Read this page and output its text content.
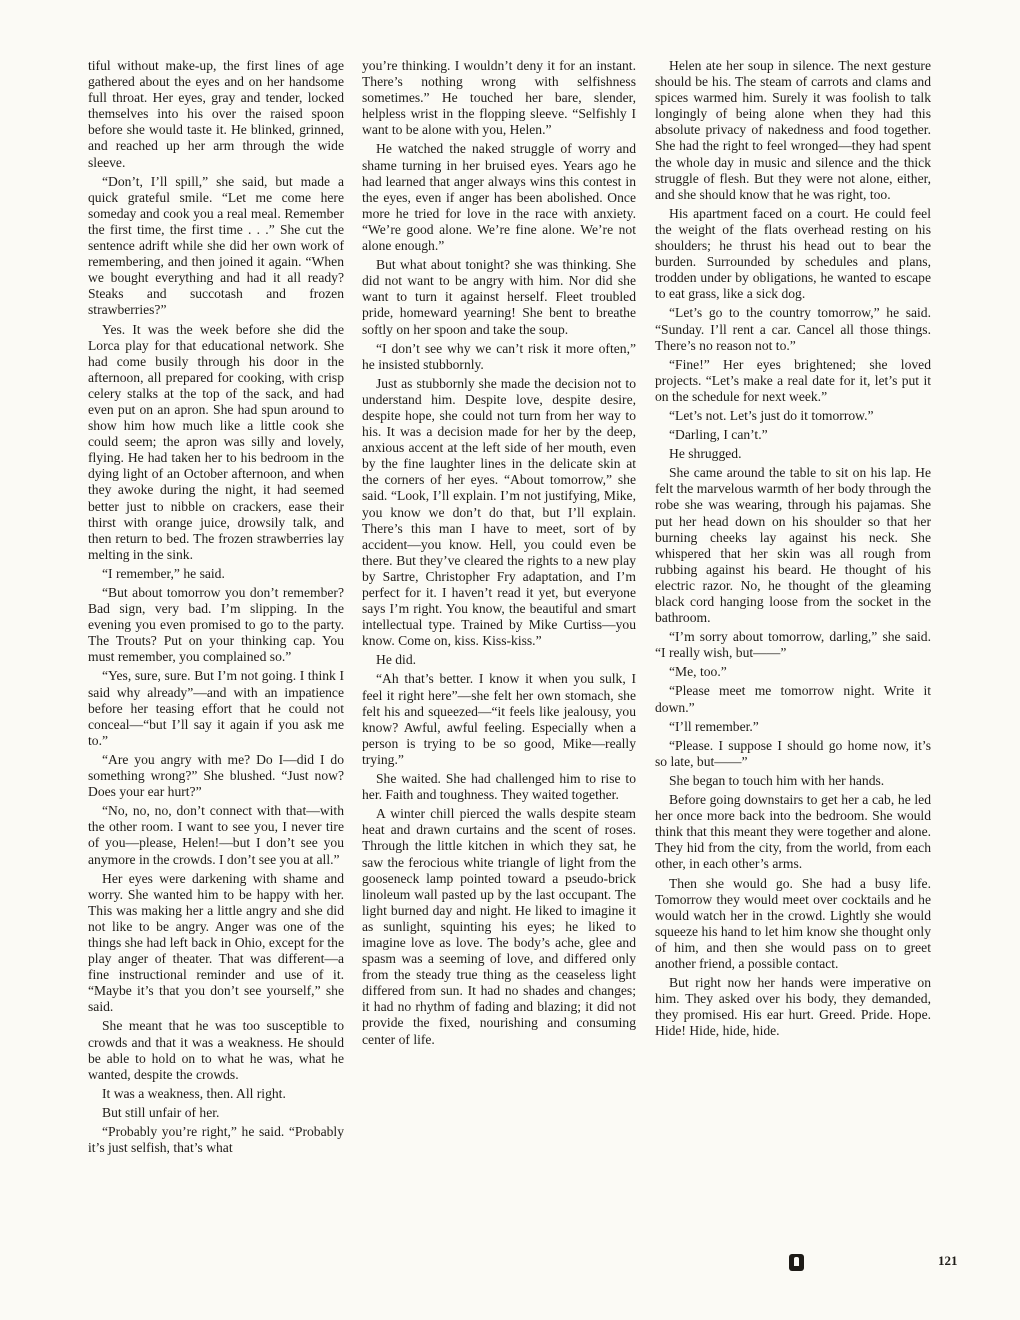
tiful without make-up, the first lines of age gathered about the eyes and on her handsome full throat. Her eyes, gray and tender, locked themselves into his over the raised spoon before she would taste it. He blinked, grinned, and reached up her arm through the wide sleeve.

“Don’t, I’ll spill,” she said, but made a quick grateful smile. “Let me come here someday and cook you a real meal. Remember the first time, the first time . . .” She cut the sentence adrift while she did her own work of remembering, and then joined it again. “When we bought everything and had it all ready? Steaks and succotash and frozen strawberries?”

Yes. It was the week before she did the Lorca play for that educational network. She had come busily through his door in the afternoon, all prepared for cooking, with crisp celery stalks at the top of the sack, and had even put on an apron. She had spun around to show him how much like a little cook she could seem; the apron was silly and lovely, flying. He had taken her to his bedroom in the dying light of an October afternoon, and when they awoke during the night, it had seemed better just to nibble on crackers, ease their thirst with orange juice, drowsily talk, and then return to bed. The frozen strawberries lay melting in the sink.

“I remember,” he said.

“But about tomorrow you don’t remember? Bad sign, very bad. I’m slipping. In the evening you even promised to go to the party. The Trouts? Put on your thinking cap. You must remember, you complained so.”

“Yes, sure, sure. But I’m not going. I think I said why already”—and with an impatience before her teasing effort that he could not conceal—“but I’ll say it again if you ask me to.”

“Are you angry with me? Do I—did I do something wrong?” She blushed. “Just now? Does your ear hurt?”

“No, no, no, don’t connect with that—with the other room. I want to see you, I never tire of you—please, Helen!—but I don’t see you anymore in the crowds. I don’t see you at all.”

Her eyes were darkening with shame and worry. She wanted him to be happy with her. This was making her a little angry and she did not like to be angry. Anger was one of the things she had left back in Ohio, except for the play anger of theater. That was different—a fine instructional reminder and use of it. “Maybe it’s that you don’t see yourself,” she said.

She meant that he was too susceptible to crowds and that it was a weakness. He should be able to hold on to what he was, what he wanted, despite the crowds.

It was a weakness, then. All right.

But still unfair of her.

“Probably you’re right,” he said. “Probably it’s just selfish, that’s what

you’re thinking. I wouldn’t deny it for an instant. There’s nothing wrong with selfishness sometimes.” He touched her bare, slender, helpless wrist in the flopping sleeve. “Selfishly I want to be alone with you, Helen.”

He watched the naked struggle of worry and shame turning in her bruised eyes. Years ago he had learned that anger always wins this contest in the eyes, even if anger has been abolished. Once more he tried for love in the race with anxiety. “We’re good alone. We’re fine alone. We’re not alone enough.”

But what about tonight? she was thinking. She did not want to be angry with him. Nor did she want to turn it against herself. Fleet troubled pride, homeward yearning! She bent to breathe softly on her spoon and take the soup.

“I don’t see why we can’t risk it more often,” he insisted stubbornly.

Just as stubbornly she made the decision not to understand him. Despite love, despite desire, despite hope, she could not turn from her way to his. It was a decision made for her by the deep, anxious accent at the left side of her mouth, even by the fine laughter lines in the delicate skin at the corners of her eyes. “About tomorrow,” she said. “Look, I’ll explain. I’m not justifying, Mike, you know we don’t do that, but I’ll explain. There’s this man I have to meet, sort of by accident—you know. Hell, you could even be there. But they’ve cleared the rights to a new play by Sartre, Christopher Fry adaptation, and I’m perfect for it. I haven’t read it yet, but everyone says I’m right. You know, the beautiful and smart intellectual type. Trained by Mike Curtiss—you know. Come on, kiss. Kiss-kiss.”

He did.

“Ah that’s better. I know it when you sulk, I feel it right here”—she felt her own stomach, she felt his and squeezed—“it feels like jealousy, you know? Awful, awful feeling. Especially when a person is trying to be so good, Mike—really trying.”

She waited. She had challenged him to rise to her. Faith and toughness. They waited together.

A winter chill pierced the walls despite steam heat and drawn curtains and the scent of roses. Through the little kitchen in which they sat, he saw the ferocious white triangle of light from the gooseneck lamp pointed toward a pseudo-brick linoleum wall pasted up by the last occupant. The light burned day and night. He liked to imagine it as sunlight, squinting his eyes; he liked to imagine love as love. The body’s ache, glee and spasm was a seeming of love, and differed only from the steady true thing as the ceaseless light differed from sun. It had no shades and changes; it had no rhythm of fading and blazing; it did not provide the fixed, nourishing and consuming center of life.

Helen ate her soup in silence. The next gesture should be his. The steam of carrots and clams and spices warmed him. Surely it was foolish to talk longingly of being alone when they had this absolute privacy of nakedness and food together. She had the right to feel wronged—they had spent the whole day in music and silence and the thick struggle of flesh. But they were not alone, either, and she should know that he was right, too.

His apartment faced on a court. He could feel the weight of the flats overhead resting on his shoulders; he thrust his head out to bear the burden. Surrounded by schedules and plans, trodden under by obligations, he wanted to escape to eat grass, like a sick dog.

“Let’s go to the country tomorrow,” he said. “Sunday. I’ll rent a car. Cancel all those things. There’s no reason not to.”

“Fine!” Her eyes brightened; she loved projects. “Let’s make a real date for it, let’s put it on the schedule for next week.”

“Let’s not. Let’s just do it tomorrow.”

“Darling, I can’t.”

He shrugged.

She came around the table to sit on his lap. He felt the marvelous warmth of her body through the robe she was wearing, through his pajamas. She put her head down on his shoulder so that her burning cheeks lay against his neck. She whispered that her skin was all rough from rubbing against his beard. He thought of his electric razor. No, he thought of the gleaming black cord hanging loose from the socket in the bathroom.

“I’m sorry about tomorrow, darling,” she said. “I really wish, but——”

“Me, too.”

“Please meet me tomorrow night. Write it down.”

“I’ll remember.”

“Please. I suppose I should go home now, it’s so late, but——”

She began to touch him with her hands.

Before going downstairs to get her a cab, he led her once more back into the bedroom. She would think that this meant they were together and alone. They hid from the city, from the world, from each other, in each other’s arms.

Then she would go. She had a busy life. Tomorrow they would meet over cocktails and he would watch her in the crowd. Lightly she would squeeze his hand to let him know she thought only of him, and then she would pass on to greet another friend, a possible contact.

But right now her hands were imperative on him. They asked over his body, they demanded, they promised. His ear hurt. Greed. Pride. Hope. Hide! Hide, hide, hide.

121
